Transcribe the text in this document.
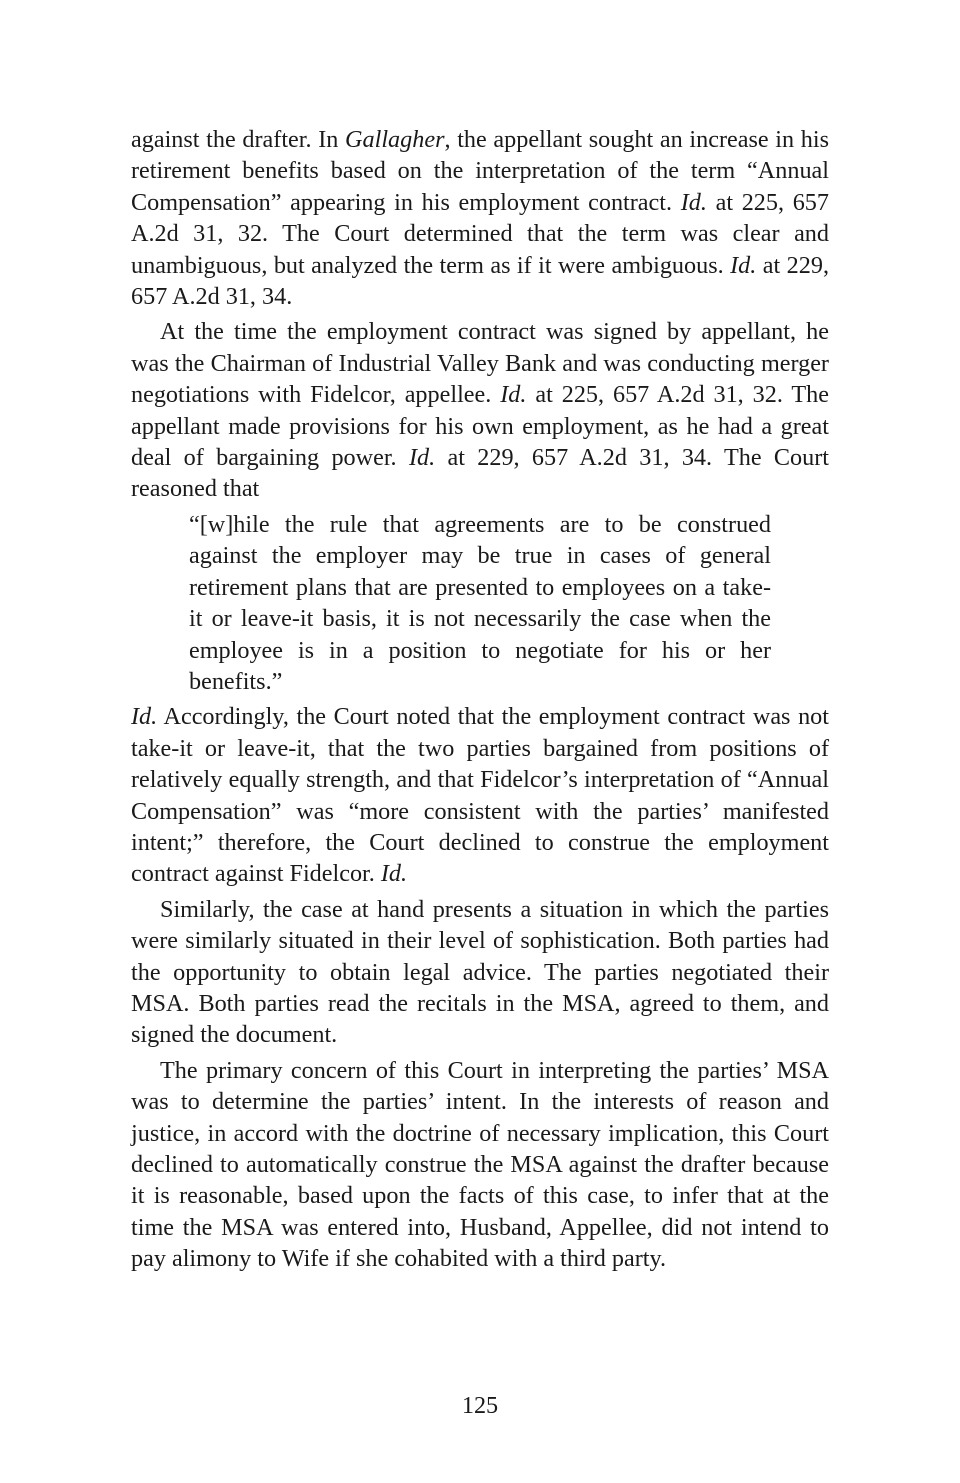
against the drafter. In Gallagher, the appellant sought an increase in his retirement benefits based on the interpretation of the term “Annual Compensation” appearing in his employment contract. Id. at 225, 657 A.2d 31, 32. The Court determined that the term was clear and unambiguous, but analyzed the term as if it were ambiguous. Id. at 229, 657 A.2d 31, 34.

At the time the employment contract was signed by appellant, he was the Chairman of Industrial Valley Bank and was conducting merger negotiations with Fidelcor, appellee. Id. at 225, 657 A.2d 31, 32. The appellant made provisions for his own employment, as he had a great deal of bargaining power. Id. at 229, 657 A.2d 31, 34. The Court reasoned that

“[w]hile the rule that agreements are to be construed against the employer may be true in cases of general retirement plans that are presented to employees on a take-it or leave-it basis, it is not necessarily the case when the employee is in a position to negotiate for his or her benefits.”

Id. Accordingly, the Court noted that the employment contract was not take-it or leave-it, that the two parties bargained from positions of relatively equally strength, and that Fidelcor’s interpretation of “Annual Compensation” was “more consistent with the parties’ manifested intent;” therefore, the Court declined to construe the employment contract against Fidelcor. Id.

Similarly, the case at hand presents a situation in which the parties were similarly situated in their level of sophistication. Both parties had the opportunity to obtain legal advice. The parties negotiated their MSA. Both parties read the recitals in the MSA, agreed to them, and signed the document.

The primary concern of this Court in interpreting the parties’ MSA was to determine the parties’ intent. In the interests of reason and justice, in accord with the doctrine of necessary implication, this Court declined to automatically construe the MSA against the drafter because it is reasonable, based upon the facts of this case, to infer that at the time the MSA was entered into, Husband, Appellee, did not intend to pay alimony to Wife if she cohabited with a third party.

125
